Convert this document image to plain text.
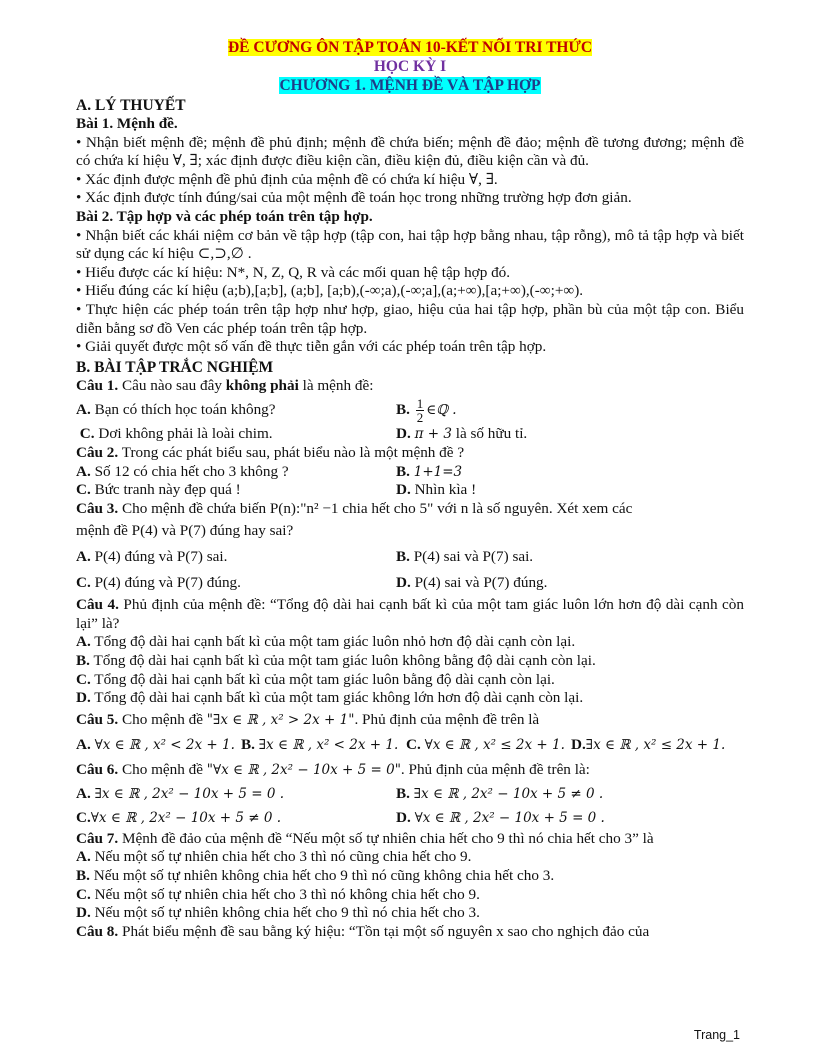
ĐỀ CƯƠNG ÔN TẬP TOÁN 10-KẾT NỐI TRI THỨC
HỌC KỲ I
CHƯƠNG 1. MỆNH ĐỀ VÀ TẬP HỢP
A. LÝ THUYẾT

Bài 1. Mệnh đề.

• Nhận biết mệnh đề; mệnh đề phủ định; mệnh đề chứa biến; mệnh đề đảo; mệnh đề tương đương; mệnh đề có chứa kí hiệu ∀, ∃; xác định được điều kiện cần, điều kiện đủ, điều kiện cần và đủ.

• Xác định được mệnh đề phủ định của mệnh đề có chứa kí hiệu ∀, ∃.

• Xác định được tính đúng/sai của một mệnh đề toán học trong những trường hợp đơn giản.

Bài 2. Tập hợp và các phép toán trên tập hợp.

• Nhận biết các khái niệm cơ bản về tập hợp (tập con, hai tập hợp bằng nhau, tập rỗng), mô tả tập hợp và biết sử dụng các kí hiệu ⊂,⊃,∅ .

• Hiểu được các kí hiệu: N*, N, Z, Q, R và các mối quan hệ tập hợp đó.

• Hiểu đúng các kí hiệu (a;b),[a;b], (a;b], [a;b),(-∞;a),(-∞;a],(a;+∞),[a;+∞),(-∞;+∞).

• Thực hiện các phép toán trên tập hợp như hợp, giao, hiệu của hai tập hợp, phần bù của một tập con. Biểu diễn bằng sơ đồ Ven các phép toán trên tập hợp.

• Giải quyết được một số vấn đề thực tiễn gắn với các phép toán trên tập hợp.

B. BÀI TẬP TRẮC NGHIỆM

Câu 1. Câu nào sau đây không phải là mệnh đề:

A. Bạn có thích học toán không?	B. $\frac{1}{2}$ ∈ℚ .
C. Dơi không phải là loài chim.	D. π + 3 là số hữu tỉ.

Câu 2. Trong các phát biểu sau, phát biểu nào là một mệnh đề ?

A. Số 12 có chia hết cho 3 không ?	B. 1+1=3
C. Bức tranh này đẹp quá !	D. Nhìn kìa !

Câu 3. Cho mệnh đề chứa biến P(n):"n² −1 chia hết cho 5" với n là số nguyên. Xét xem các

mệnh đề P(4) và P(7) đúng hay sai?

A. P(4) đúng và P(7) sai.	B. P(4) sai và P(7) sai.
C. P(4) đúng và P(7) đúng.	D. P(4) sai và P(7) đúng.

Câu 4. Phủ định của mệnh đề: “Tổng độ dài hai cạnh bất kì của một tam giác luôn lớn hơn độ dài cạnh còn lại” là?

A. Tổng độ dài hai cạnh bất kì của một tam giác luôn nhỏ hơn độ dài cạnh còn lại.

B. Tổng độ dài hai cạnh bất kì của một tam giác luôn không bằng độ dài cạnh còn lại.

C. Tổng độ dài hai cạnh bất kì của một tam giác luôn bằng độ dài cạnh còn lại.

D. Tổng độ dài hai cạnh bất kì của một tam giác không lớn hơn độ dài cạnh còn lại.

Câu 5. Cho mệnh đề "∃x ∈ ℝ , x² > 2x + 1". Phủ định của mệnh đề trên là

A. ∀x ∈ ℝ , x² < 2x + 1. B. ∃x ∈ ℝ , x² < 2x + 1. C. ∀x ∈ ℝ , x² ≤ 2x + 1. D.∃x ∈ ℝ , x² ≤ 2x + 1.

Câu 6. Cho mệnh đề "∀x ∈ ℝ , 2x² − 10x + 5 = 0". Phủ định của mệnh đề trên là:

A. ∃x ∈ ℝ , 2x² − 10x + 5 = 0 .	B. ∃x ∈ ℝ , 2x² − 10x + 5 ≠ 0 .
C.∀x ∈ ℝ , 2x² − 10x + 5 ≠ 0 .	D. ∀x ∈ ℝ , 2x² − 10x + 5 = 0 .

Câu 7. Mệnh đề đảo của mệnh đề “Nếu một số tự nhiên chia hết cho 9 thì nó chia hết cho 3” là

A. Nếu một số tự nhiên chia hết cho 3 thì nó cũng chia hết cho 9.

B. Nếu một số tự nhiên không chia hết cho 9 thì nó cũng không chia hết cho 3.

C. Nếu một số tự nhiên chia hết cho 3 thì nó không chia hết cho 9.

D. Nếu một số tự nhiên không chia hết cho 9 thì nó chia hết cho 3.

Câu 8. Phát biểu mệnh đề sau bằng ký hiệu: “Tồn tại một số nguyên x sao cho nghịch đảo của

Trang_1
